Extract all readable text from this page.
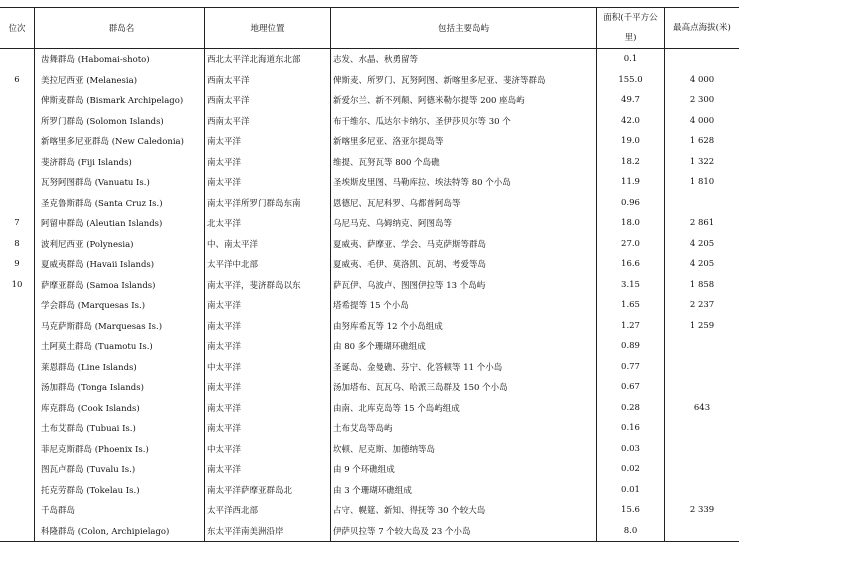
位次	群岛名	地理位置	包括主要岛屿	面积(千平方公里)	最高点海拔(米)
	齿舞群岛 (Habomai-shoto)	西北太平洋北海道东北部	志发、水晶、秋勇留等	0.1	
6	美拉尼西亚 (Melanesia)	西南太平洋	俾斯麦、所罗门、瓦努阿图、新喀里多尼亚、斐济等群岛	155.0	4 000
	俾斯麦群岛 (Bismark Archipelago)	西南太平洋	新爱尔兰、新不列颠、阿德米勒尔提等 200 座岛屿	49.7	2 300
	所罗门群岛 (Solomon Islands)	西南太平洋	布干维尔、瓜达尔卡纳尔、圣伊莎贝尔等 30 个	42.0	4 000
	新喀里多尼亚群岛 (New Caledonia)	南太平洋	新喀里多尼亚、洛亚尔提岛等	19.0	1 628
	斐济群岛 (Fiji Islands)	南太平洋	维提、瓦努瓦等 800 个岛礁	18.2	1 322
	瓦努阿图群岛 (Vanuatu Is.)	南太平洋	圣埃斯皮里图、马勒库拉、埃法特等 80 个小岛	11.9	1 810
	圣克鲁斯群岛 (Santa Cruz Is.)	南太平洋所罗门群岛东南	恩德尼、瓦尼科罗、乌都普阿岛等	0.96	
7	阿留申群岛 (Aleutian Islands)	北太平洋	乌尼马克、乌姆纳克、阿图岛等	18.0	2 861
8	波利尼西亚 (Polynesia)	中、南太平洋	夏威夷、萨摩亚、学会、马克萨斯等群岛	27.0	4 205
9	夏威夷群岛 (Havaii Islands)	太平洋中北部	夏威夷、毛伊、莫洛凯、瓦胡、考爱等岛	16.6	4 205
10	萨摩亚群岛 (Samoa Islands)	南太平洋，斐济群岛以东	萨瓦伊、乌波卢、图图伊拉等 13 个岛屿	3.15	1 858
	学会群岛 (Marquesas Is.)	南太平洋	塔希提等 15 个小岛	1.65	2 237
	马克萨斯群岛 (Marquesas Is.)	南太平洋	由努库希瓦等 12 个小岛组成	1.27	1 259
	土阿莫土群岛 (Tuamotu Is.)	南太平洋	由 80 多个珊瑚环礁组成	0.89	
	莱恩群岛 (Line Islands)	中太平洋	圣诞岛、金曼礁、芬宁、化答顿等 11 个小岛	0.77	
	汤加群岛 (Tonga Islands)	南太平洋	汤加塔布、瓦瓦乌、哈派三岛群及 150 个小岛	0.67	
	库克群岛 (Cook Islands)	南太平洋	由南、北库克岛等 15 个岛屿组成	0.28	643
	土布艾群岛 (Tubuai Is.)	南太平洋	土布艾岛等岛屿	0.16	
	菲尼克斯群岛 (Phoenix Is.)	中太平洋	坎顿、尼克斯、加德纳等岛	0.03	
	图瓦卢群岛 (Tuvalu Is.)	南太平洋	由 9 个环礁组成	0.02	
	托克劳群岛 (Tokelau Is.)	南太平洋萨摩亚群岛北	由 3 个珊瑚环礁组成	0.01	
	千岛群岛	太平洋西北部	占守、幌筵、新知、得抚等 30 个较大岛	15.6	2 339
	科隆群岛 (Colon, Archipielago)	东太平洋南美洲沿岸	伊萨贝拉等 7 个较大岛及 23 个小岛	8.0	
